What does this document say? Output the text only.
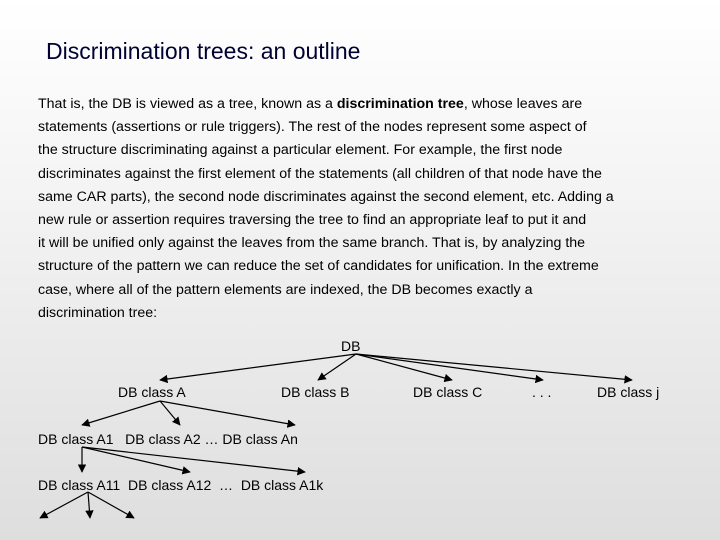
Discrimination trees: an outline

That is, the DB is viewed as a tree, known as a discrimination tree, whose leaves are
statements (assertions or rule triggers). The rest of the nodes represent some aspect of
the structure discriminating against a particular element. For example, the first node
discriminates against the first element of the statements (all children of that node have the
same CAR parts), the second node discriminates against the second element, etc. Adding a
new rule or assertion requires traversing the tree to find an appropriate leaf to put it and
it will be unified only against the leaves from the same branch. That is, by analyzing the
structure of the pattern we can reduce the set of candidates for unification. In the extreme
case, where all of the pattern elements are indexed, the DB becomes exactly a
discrimination tree:

DB
DB class A	DB class B	DB class C	. . .	DB class j
DB class A1   DB class A2 … DB class An
DB class A11  DB class A12  …  DB class A1k
